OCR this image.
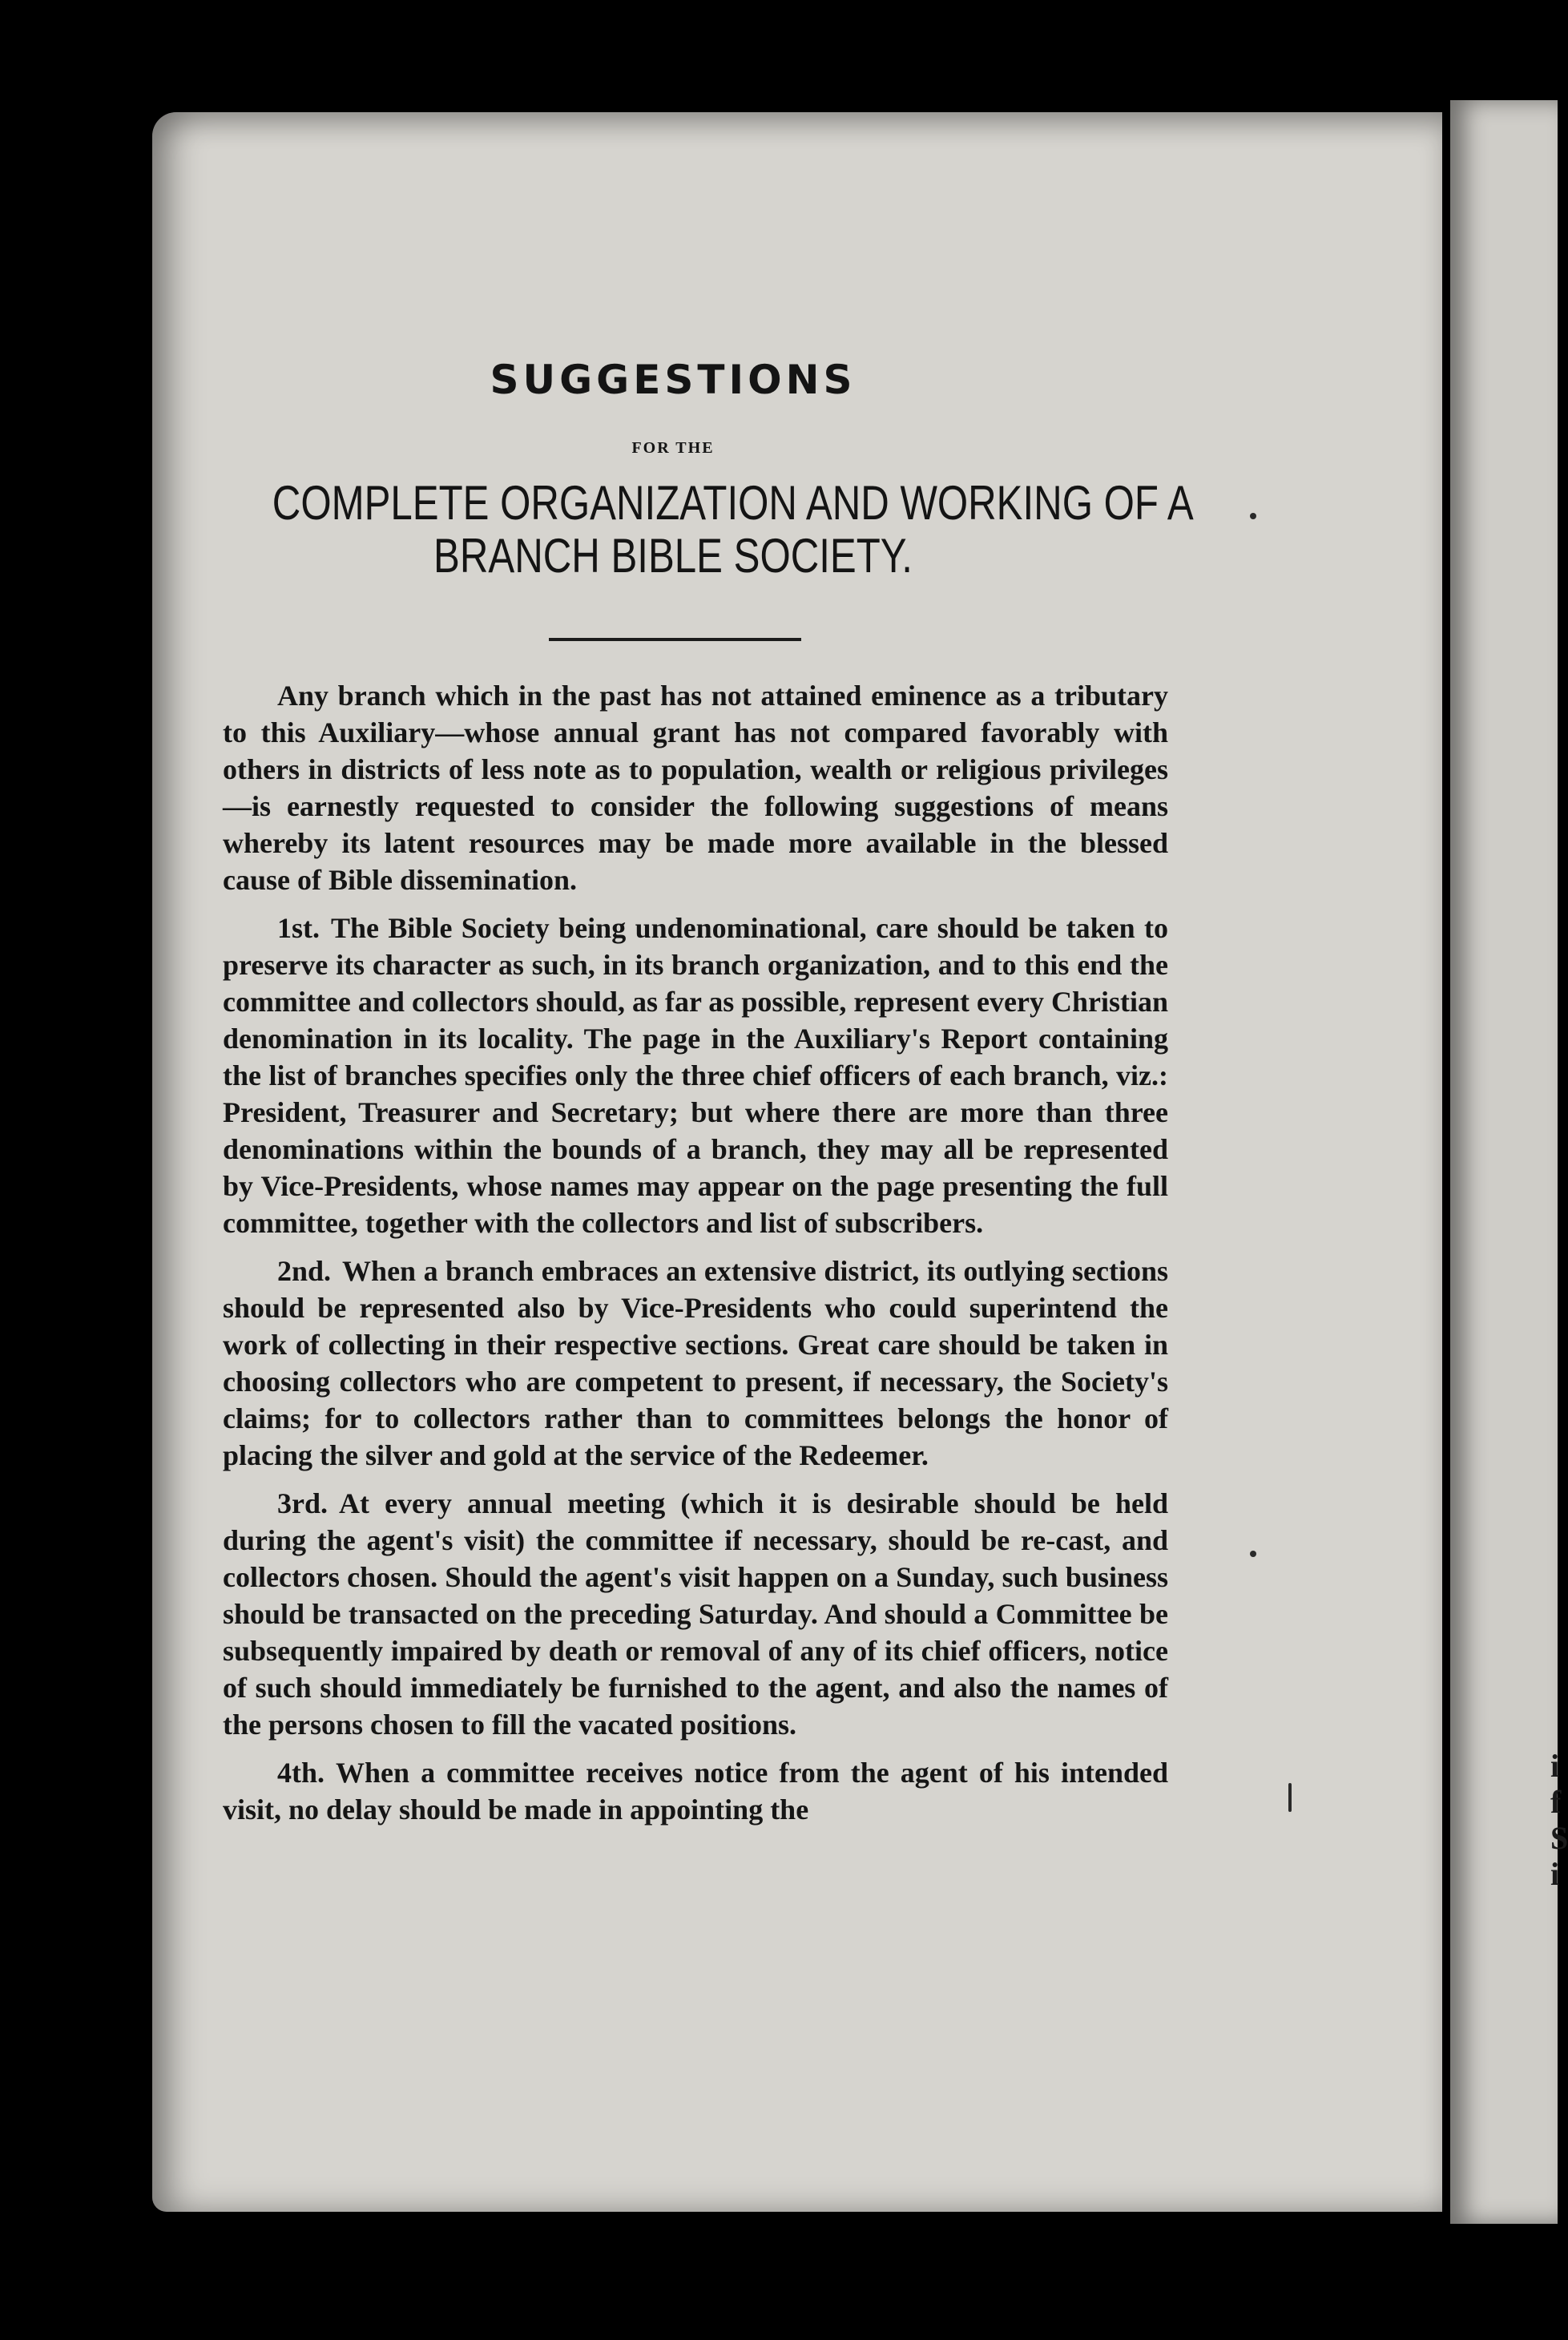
i
f
S
i
SUGGESTIONS
FOR THE
COMPLETE ORGANIZATION AND WORKING OF A
BRANCH BIBLE SOCIETY.

Any branch which in the past has not attained eminence as a tributary to this Auxiliary—whose annual grant has not compared favorably with others in districts of less note as to population, wealth or religious privileges—is earnestly requested to consider the following suggestions of means whereby its latent resources may be made more available in the blessed cause of Bible dissemination.

1st. The Bible Society being undenominational, care should be taken to preserve its character as such, in its branch organization, and to this end the committee and collectors should, as far as possible, represent every Christian denomination in its locality. The page in the Auxiliary's Report containing the list of branches specifies only the three chief officers of each branch, viz.: President, Treasurer and Secretary; but where there are more than three denominations within the bounds of a branch, they may all be represented by Vice-Presidents, whose names may appear on the page presenting the full committee, together with the collectors and list of subscribers.

2nd. When a branch embraces an extensive district, its outlying sections should be represented also by Vice-Presidents who could superintend the work of collecting in their respective sections. Great care should be taken in choosing collectors who are competent to present, if necessary, the Society's claims; for to collectors rather than to committees belongs the honor of placing the silver and gold at the service of the Redeemer.

3rd. At every annual meeting (which it is desirable should be held during the agent's visit) the committee if necessary, should be re-cast, and collectors chosen. Should the agent's visit happen on a Sunday, such business should be transacted on the preceding Saturday. And should a Committee be subsequently impaired by death or removal of any of its chief officers, notice of such should immediately be furnished to the agent, and also the names of the persons chosen to fill the vacated positions.

4th. When a committee receives notice from the agent of his intended visit, no delay should be made in appointing the
